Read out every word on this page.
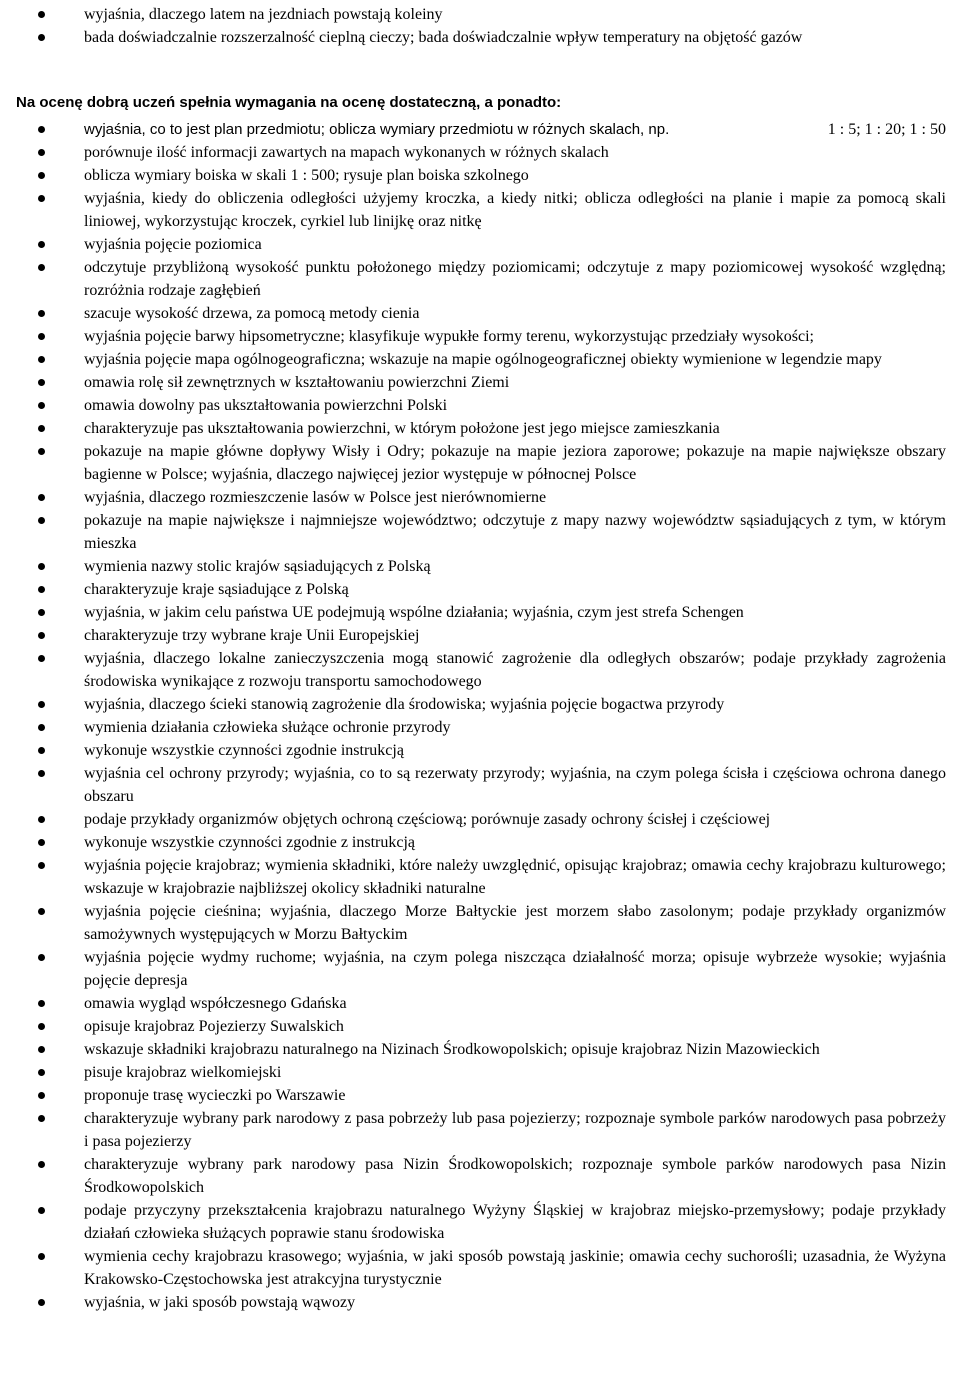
wyjaśnia, dlaczego latem na jezdniach powstają koleiny
bada doświadczalnie rozszerzalność cieplną cieczy; bada doświadczalnie wpływ temperatury na objętość gazów
Na ocenę dobrą uczeń spełnia wymagania na ocenę dostateczną, a ponadto:
1 : 5; 1 : 20; 1 : 50
wyjaśnia, co to jest plan przedmiotu; oblicza wymiary przedmiotu w różnych skalach, np.
porównuje ilość informacji zawartych na mapach wykonanych w różnych skalach
oblicza wymiary boiska w skali 1 : 500; rysuje plan boiska szkolnego
wyjaśnia, kiedy do obliczenia odległości użyjemy kroczka, a kiedy nitki; oblicza odległości na planie i mapie za pomocą skali liniowej, wykorzystując kroczek, cyrkiel lub linijkę oraz nitkę
wyjaśnia pojęcie poziomica
odczytuje przybliżoną wysokość punktu położonego między poziomicami; odczytuje z mapy poziomicowej wysokość względną; rozróżnia rodzaje zagłębień
szacuje wysokość drzewa, za pomocą metody cienia
wyjaśnia pojęcie barwy hipsometryczne; klasyfikuje wypukłe formy terenu, wykorzystując przedziały wysokości;
wyjaśnia pojęcie mapa ogólnogeograficzna; wskazuje na mapie ogólnogeograficznej obiekty wymienione w legendzie mapy
omawia rolę sił zewnętrznych w kształtowaniu powierzchni Ziemi
omawia dowolny pas ukształtowania powierzchni Polski
charakteryzuje pas ukształtowania powierzchni, w którym położone jest jego miejsce zamieszkania
pokazuje na mapie główne dopływy Wisły i Odry; pokazuje na mapie jeziora zaporowe; pokazuje na mapie największe obszary bagienne w Polsce; wyjaśnia, dlaczego najwięcej jezior występuje w północnej Polsce
wyjaśnia, dlaczego rozmieszczenie lasów w Polsce jest nierównomierne
pokazuje na mapie największe i najmniejsze województwo; odczytuje z mapy nazwy województw sąsiadujących z tym, w którym mieszka
wymienia nazwy stolic krajów sąsiadujących z Polską
charakteryzuje kraje sąsiadujące z Polską
wyjaśnia, w jakim celu państwa UE podejmują wspólne działania; wyjaśnia, czym jest strefa Schengen
charakteryzuje trzy wybrane kraje Unii Europejskiej
wyjaśnia, dlaczego lokalne zanieczyszczenia mogą stanowić zagrożenie dla odległych obszarów; podaje przykłady zagrożenia środowiska wynikające z rozwoju transportu samochodowego
wyjaśnia, dlaczego ścieki stanowią zagrożenie dla środowiska; wyjaśnia pojęcie bogactwa przyrody
wymienia działania człowieka służące ochronie przyrody
wykonuje wszystkie czynności zgodnie instrukcją
wyjaśnia cel ochrony przyrody; wyjaśnia, co to są rezerwaty przyrody; wyjaśnia, na czym polega ścisła i częściowa ochrona danego obszaru
podaje przykłady organizmów objętych ochroną częściową; porównuje zasady ochrony ścisłej i częściowej
wykonuje wszystkie czynności zgodnie z instrukcją
wyjaśnia pojęcie krajobraz; wymienia składniki, które należy uwzględnić, opisując krajobraz; omawia cechy krajobrazu kulturowego; wskazuje w krajobrazie najbliższej okolicy składniki naturalne
wyjaśnia pojęcie cieśnina; wyjaśnia, dlaczego Morze Bałtyckie jest morzem słabo zasolonym; podaje przykłady organizmów samożywnych występujących w Morzu Bałtyckim
wyjaśnia pojęcie wydmy ruchome; wyjaśnia, na czym polega niszcząca działalność morza; opisuje wybrzeże wysokie; wyjaśnia pojęcie depresja
omawia wygląd współczesnego Gdańska
opisuje krajobraz Pojezierzy Suwalskich
wskazuje składniki krajobrazu naturalnego na Nizinach Środkowopolskich; opisuje krajobraz Nizin Mazowieckich
pisuje krajobraz wielkomiejski
proponuje trasę wycieczki po Warszawie
charakteryzuje wybrany park narodowy z pasa pobrzeży lub pasa pojezierzy; rozpoznaje symbole parków narodowych pasa pobrzeży i pasa pojezierzy
charakteryzuje wybrany park narodowy pasa Nizin Środkowopolskich; rozpoznaje symbole parków narodowych pasa Nizin Środkowopolskich
podaje przyczyny przekształcenia krajobrazu naturalnego Wyżyny Śląskiej w krajobraz miejsko-przemysłowy; podaje przykłady działań człowieka służących poprawie stanu środowiska
wymienia cechy krajobrazu krasowego; wyjaśnia, w jaki sposób powstają jaskinie; omawia cechy suchorośli; uzasadnia, że Wyżyna Krakowsko-Częstochowska jest atrakcyjna turystycznie
wyjaśnia, w jaki sposób powstają wąwozy
